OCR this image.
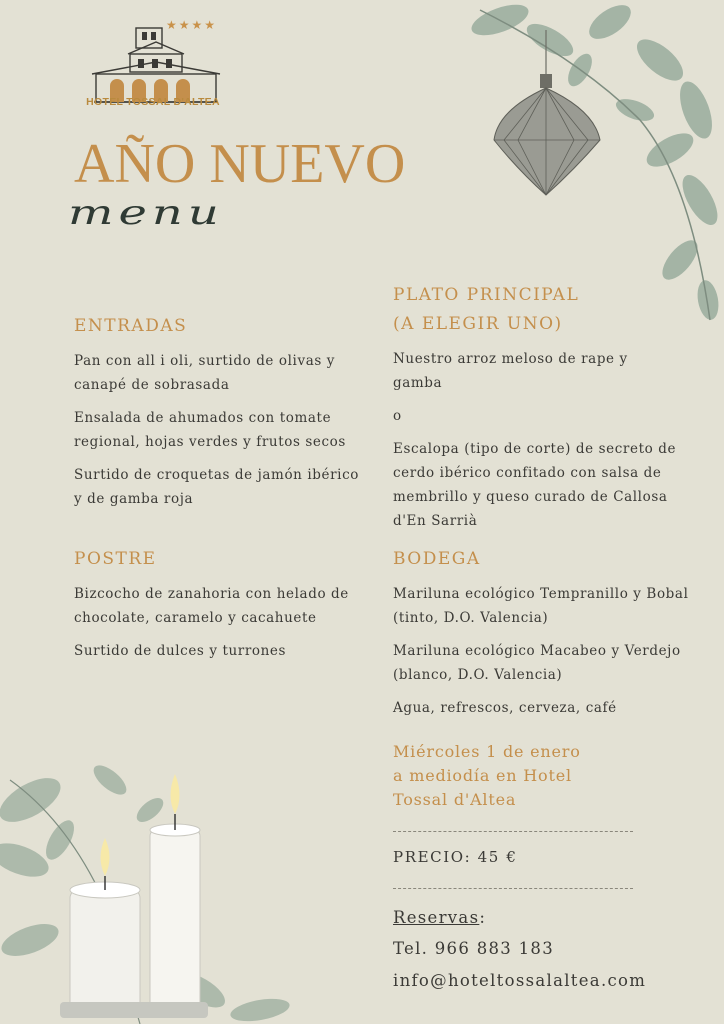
★★★★
HOTEL TOSSAL D'ALTEA
AÑO NUEVO
menu
ENTRADAS
Pan con all i oli, surtido de olivas y canapé de sobrasada
Ensalada de ahumados con tomate regional, hojas verdes y frutos secos
Surtido de croquetas de jamón ibérico y de gamba roja
POSTRE
Bizcocho de zanahoria con helado de chocolate, caramelo y cacahuete
Surtido de dulces y turrones
PLATO PRINCIPAL
(A ELEGIR UNO)
Nuestro arroz meloso de rape y gamba
o
Escalopa (tipo de corte) de secreto de cerdo ibérico confitado con salsa de membrillo y queso curado de Callosa d'En Sarrià
BODEGA
Mariluna ecológico Tempranillo y Bobal (tinto, D.O. Valencia)
Mariluna ecológico Macabeo y Verdejo (blanco, D.O. Valencia)
Agua, refrescos, cerveza, café
Miércoles 1 de enero
a mediodía en Hotel
Tossal d'Altea
PRECIO: 45 €
Reservas:
Tel. 966 883 183
info@hoteltossalaltea.com
